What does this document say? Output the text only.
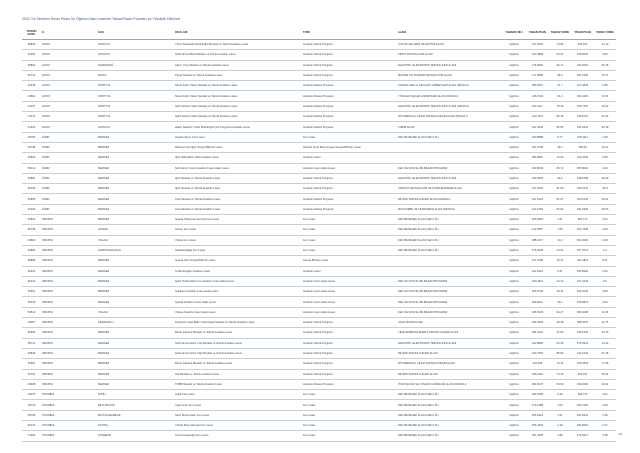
2022 Yılı Merkezi Sınav Puanı İle Öğrenci Alan Liselerin Taban/Tavan Puanları ve Yüzdelik Dilimleri
TERCİH KODU	İL	İLÇE	OKUL ADI	TÜRÜ	ALANI	YABANCI DİLİ	TABAN PUAN	TABAN YÜZDE	TAVAN PUAN	TAVAN YÜZDE
39853	HATAY	ANTAKYA	Yıldız-Selahattin Mutlukoğlu Mesleki ve Teknik Anadolu Lisesi	Anadolu Teknik Programı	ÇOCUK GELİŞİMİ VE EĞİTİMİ ALANI	İngilizce	227,6504	74,86	336,301	24,13
40184	HATAY	ANTAKYA	Şehit Ahmet Berit Mesleki ve Teknik Anadolu Lisesi	Anadolu Teknik Programı	KİMYA TEKNOLOJİSİ ALANI	İngilizce	213,4808	84,41	318,6032	29,8
39862	HATAY	SAMANDAĞ	Adem Yuva Mesleki ve Teknik Anadolu Lisesi	Anadolu Teknik Programı	ELEKTRİK- ELEKTRONİK TEKNOLOJİSİ ALANI	İngilizce	176,9952	96,71	322,8716	26,18
50741	HATAY	PAYAS	Payas Mesleki ve Teknik Anadolu Lisesi	Anadolu Teknik Programı	MAKİNE VE TASARIM TEKNOLOJİSİ ALANI	İngilizce	171,9658	98,4	337,2336	18,74
40938	HATAY	DÖRTYOL	Nimet-Fahri Öksüz Mesleki ve Teknik Anadolu Lisesi	Anadolu Meslek Programı	KONAKLAMA ve SEYAHAT HİZMETLERİ ALANI (DİNAVLI)	İngilizce	285,5267	51,7	437,4849	6,85
40891	HATAY	DÖRTYOL	Nimet-Fahri Öksüz Mesleki ve Teknik Anadolu Lisesi	Anadolu Meslek Programı	YİYECEK İÇECEK HİZMETLERİ ALANI (DİNAVLI)	İngilizce	246,0722	81,4	393,2229	13,04
41127	HATAY	DÖRTYOL	Şehit Serkan Talan Mesleki ve Teknik Anadolu Lisesi	Anadolu Meslek Programı	ELEKTRİK- ELEKTRONİK TEKNOLOJİSİ ALANI (DİNAVLI)	İngilizce	222,1117	78,46	349,7337	20,52
72374	HATAY	DÖRTYOL	Şehit Serkan Talan Mesleki ve Teknik Anadolu Lisesi	Anadolu Meslek Programı	BİYOMEDİKAL CİHAZ TEKNOLOJİLERİ ALANI (DİNAVLI)	İngilizce	212,2611	85,18	345,8701	21,82
41202	HATAY	ANTAKYA	Hatay Sadettin Yusuf Mutlukoğlu Çok Programlı Anadolu Lisesi	Anadolu Meslek Programı	TARIM ALANI	İngilizce	191,2949	86,85	336,2642	33,18
49780	IĞDIR	MERKEZ	Haydar Aliyev Fen Lisesi	Fen Lisesi	FEN BİLİMLERİ ALANI (FEN LİS.)	İngilizce	400,8988	8,77	478,4114	2,48
40798	IĞDIR	MERKEZ	Mehmet Nuri İğdır Sosyal Bilimler Lisesi	Hazırlık Sınıfı Bulunmayan Sosyal Bilimler Lisesi		İngilizce	321,0798	28,7	399,69	16,12
49820	IĞDIR	MERKEZ	Iğdır Milli Eğitim Vakfı Anadolu Lisesi	Anadolu Lisesi		İngilizce	395,8951	16,02	433,4245	6,86
50014	IĞDIR	MERKEZ	Şehit Emin Güner Anadolu İmam Hatip Lisesi	Anadolu İmam Hatip Lisesi	FEN VE SOSYAL BİLİMLER PROGRAMI	İngilizce	330,8649	25,72	455,8043	2,26
39881	IĞDIR	MERKEZ	Iğdır Mesleki ve Teknik Anadolu Lisesi	Anadolu Teknik Programı	ELEKTRİK- ELEKTRONİK TEKNOLOJİSİ ALANI	İngilizce	230,5503	99,3	318,6158	26,99
50028	IĞDIR	MERKEZ	Iğdır Mesleki ve Teknik Anadolu Lisesi	Anadolu Teknik Programı	TESİSAT TEKNOLOJİSİ VE İKLİMLENDİRME ALANI	İngilizce	217,6293	81,09	333,5447	34,8
40858	IĞDIR	MERKEZ	Aras Mesleki ve Teknik Anadolu Lisesi	Anadolu Meslek Programı	BİLİŞİM TEKNOLOJİLERİ ALANI (DİNAVLI)	İngilizce	247,1512	81,97	320,5135	29,24
40294	IĞDIR	MERKEZ	Aras Mesleki ve Teknik Anadolu Lisesi	Anadolu Meslek Programı	MUHASEBE VE FİNANSMAN ALANI (DİNAVLI)	İngilizce	213,1483	84,82	294,2336	36,52
49804	ISPARTA	MERKEZ	Isparta Süleyman Demirel Fen Lisesi	Fen Lisesi	FEN BİLİMLERİ ALANI (FEN LİS.)	İngilizce	455,0564	2,51	484,774	0,04
50798	ISPARTA	GÖNEN	Gönen Fen Lisesi	Fen Lisesi	FEN BİLİMLERİ ALANI (FEN LİS.)	İngilizce	412,5387	7,85	451,7538	2,84
49800	ISPARTA	YALVAÇ	Yalvaç Fen Lisesi	Fen Lisesi	FEN BİLİMLERİ ALANI (FEN LİS.)	İngilizce	388,4417	10,2	451,8193	0,38
49882	ISPARTA	ŞARKİKARAAĞAÇ	Şarkikaraağaç Fen Lisesi	Fen Lisesi	FEN BİLİMLERİ ALANI (FEN LİS.)	İngilizce	376,9238	14,31	457,8713	1,2
39885	ISPARTA	MERKEZ	Isparta Gazi Sosyal Bilimler Lisesi	Sosyal Bilimler Lisesi		İngilizce	371,5198	15,44	422,4811	8,21
50223	ISPARTA	MERKEZ	Tevfik Ertoğan Anadolu Lisesi	Anadolu Lisesi		İngilizce	424,9415	5,87	452,8694	2,52
50424	ISPARTA	MERKEZ	Şehit Tevfik Akkan Kız Anadolu İmam Hatip Lisesi	Anadolu İmam Hatip Lisesi	FEN VE SOSYAL BİLİMLER PROGRAMI	İngilizce	334,2811	24,72	437,4449	5,6
50351	ISPARTA	MERKEZ	Işıklıkent Anadolu İmam Hatip Lisesi	Anadolu İmam Hatip Lisesi	FEN VE SOSYAL BİLİMLER PROGRAMI	İngilizce	266,5136	38,44	434,2033	4,89
50018	ISPARTA	MERKEZ	Isparta Anadolu İmam Hatip Lisesi	Anadolu İmam Hatip Lisesi	FEN VE SOSYAL BİLİMLER PROGRAMI	İngilizce	269,8421	50,1	435,8873	6,93
50810	ISPARTA	YALVAÇ	Yalvaç Anadolu İmam Hatip Lisesi	Anadolu İmam Hatip Lisesi	FEN VE SOSYAL BİLİMLER PROGRAMI	İngilizce	186,5933	94,27	398,4038	11,83
49087	ISPARTA	KEÇİBORLU	Keçiborlu Uçak Bakım Teknolojisi Mesleki ve Teknik Anadolu Lisesi	Anadolu Teknik Programı	UÇAK BAKIM ALANI	İngilizce	332,3392	28,48	388,6547	11,75
50384	ISPARTA	MERKEZ	Borsa İstanbul Mesleki ve Teknik Anadolu Lisesi	Anadolu Teknik Programı	YENİLENEBİLİR ENERJİ TEKNOLOJİLERİ ALANI	İngilizce	294,2201	57,83	336,2432	24,15
50711	ISPARTA	MERKEZ	Şehit Ahmet Hilmi Yiğit Mesleki ve Teknik Anadolu Lisesi	Anadolu Teknik Programı	ELEKTRİK- ELEKTRONİK TEKNOLOJİSİ ALANI	İngilizce	243,8883	84,28	376,0931	14,46
49839	ISPARTA	MERKEZ	Şehit Ahmet Hilmi Yiğit Mesleki ve Teknik Anadolu Lisesi	Anadolu Teknik Programı	BİLİŞİM TEKNOLOJİLERİ ALANI	İngilizce	240,7584	85,83	313,0129	31,48
50381	ISPARTA	MERKEZ	Borsa İstanbul Mesleki ve Teknik Anadolu Lisesi	Anadolu Teknik Programı	BİYOMEDİKAL CİHAZ TEKNOLOJİLERİ ALANI	İngilizce	234,054	70,31	345,2834	17,98
50791	ISPARTA	MERKEZ	Gül Mesleki ve Teknik Anadolu Lisesi	Anadolu Teknik Programı	BİLİŞİM TEKNOLOJİLERİ ALANI	İngilizce	228,1162	74,35	322,451	28,34
49908	ISPARTA	MERKEZ	TOBB Mesleki ve Teknik Anadolu Lisesi	Anadolu Meslek Programı	İTFAİYECİLİK VE YANGIN GÜVENLİĞİ ALANI (DİNAVLI)	İngilizce	282,0047	53,53	348,2646	20,91
40075	İSTANBUL	FATİH	Çapa Fen Lisesi	Fen Lisesi	FEN BİLİMLERİ ALANI (FEN LİS.)	İngilizce	483,5468	0,29	484,774	0,04
39730	İSTANBUL	BEYLİKDÜZÜ	Yaşar Acar Fen Lisesi	Fen Lisesi	FEN BİLİMLERİ ALANI (FEN LİS.)	İngilizce	473,1488	1,03	482,7284	0,08
39708	İSTANBUL	BÜYÜKÇEKMECE	Şehit Murat Alkan Fen Lisesi	Fen Lisesi	FEN BİLİMLERİ ALANI (FEN LİS.)	İngilizce	465,9218	1,51	481,8241	0,38
50015	İSTANBUL	KARTAL	Yüksel İlhan Alanyalı Fen Lisesi	Fen Lisesi	FEN BİLİMLERİ ALANI (FEN LİS.)	İngilizce	456,4218	2,18	484,8691	0,27
71684	İSTANBUL	ATAŞEHİR	Ahmet Keleşoğlu Fen Lisesi	Fen Lisesi	FEN BİLİMLERİ ALANI (FEN LİS.)	İngilizce	451,2328	2,89	476,5617	0,48	28
